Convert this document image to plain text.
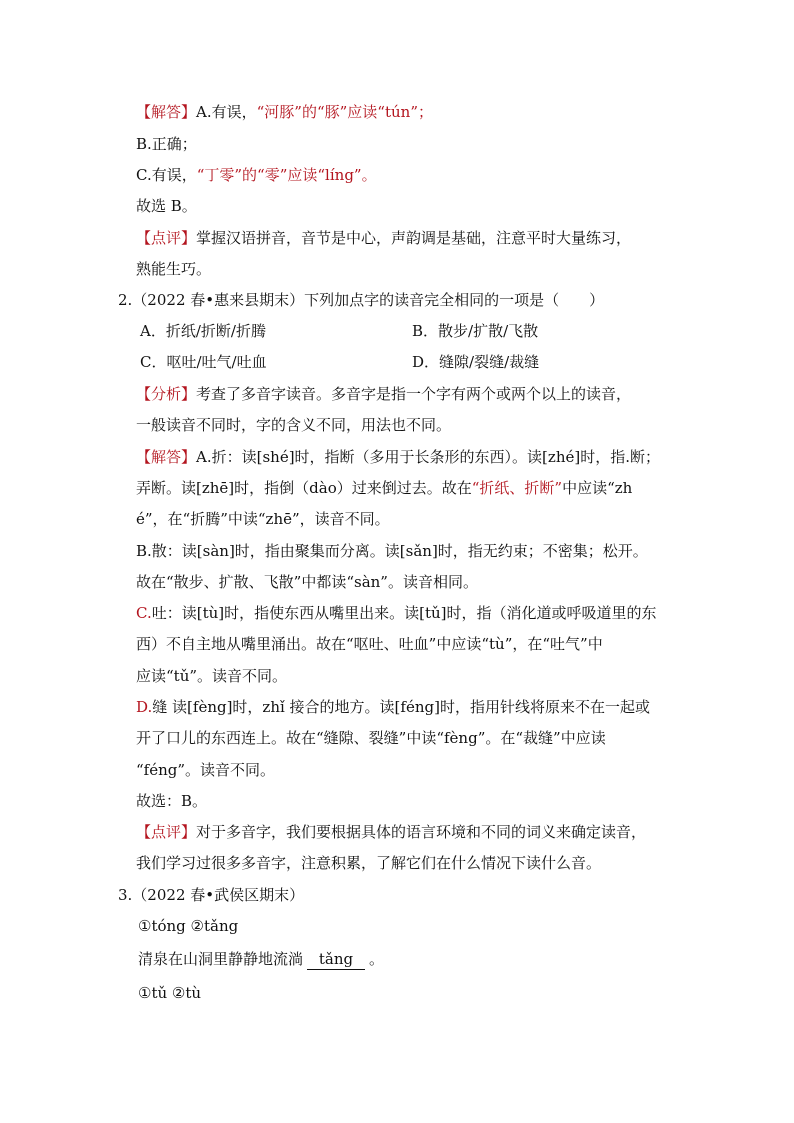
【解答】A.有误，“河豚”的“豚”应读“tún”；
B.正确；
C.有误，“丁零”的“零”应读“líng”。
故选 B。
【点评】掌握汉语拼音，音节是中心，声韵调是基础，注意平时大量练习，
熟能生巧。
2.（2022 春•惠来县期末）下列加点字的读音完全相同的一项是（　　）
A．折纸/折断/折腾	B．散步/扩散/飞散
C．呕吐/吐气/吐血	D．缝隙/裂缝/裁缝
【分析】考查了多音字读音。多音字是指一个字有两个或两个以上的读音，
一般读音不同时，字的含义不同，用法也不同。
【解答】A.折：读[shé]时，指断（多用于长条形的东西）。读[zhé]时，指.断；
弄断。读[zhē]时，指倒（dào）过来倒过去。故在“折纸、折断”中应读“zh
é”，在“折腾”中读“zhē”，读音不同。
B.散：读[sàn]时，指由聚集而分离。读[sǎn]时，指无约束；不密集；松开。
故在“散步、扩散、飞散”中都读“sàn”。读音相同。
C.吐：读[tù]时，指使东西从嘴里出来。读[tǔ]时，指（消化道或呼吸道里的东
西）不自主地从嘴里涌出。故在“呕吐、吐血”中应读“tù”，在“吐气”中
应读“tǔ”。读音不同。
D.缝 读[fèng]时，zhǐ 接合的地方。读[féng]时，指用针线将原来不在一起或
开了口儿的东西连上。故在“缝隙、裂缝”中读“fèng”。在“裁缝”中应读
“féng”。读音不同。
故选：B。
【点评】对于多音字，我们要根据具体的语言环境和不同的词义来确定读音，
我们学习过很多多音字，注意积累，了解它们在什么情况下读什么音。
3.（2022 春•武侯区期末）
①tóng ②tǎng
清泉在山洞里静静地流淌 tǎng 。
①tǔ ②tù
